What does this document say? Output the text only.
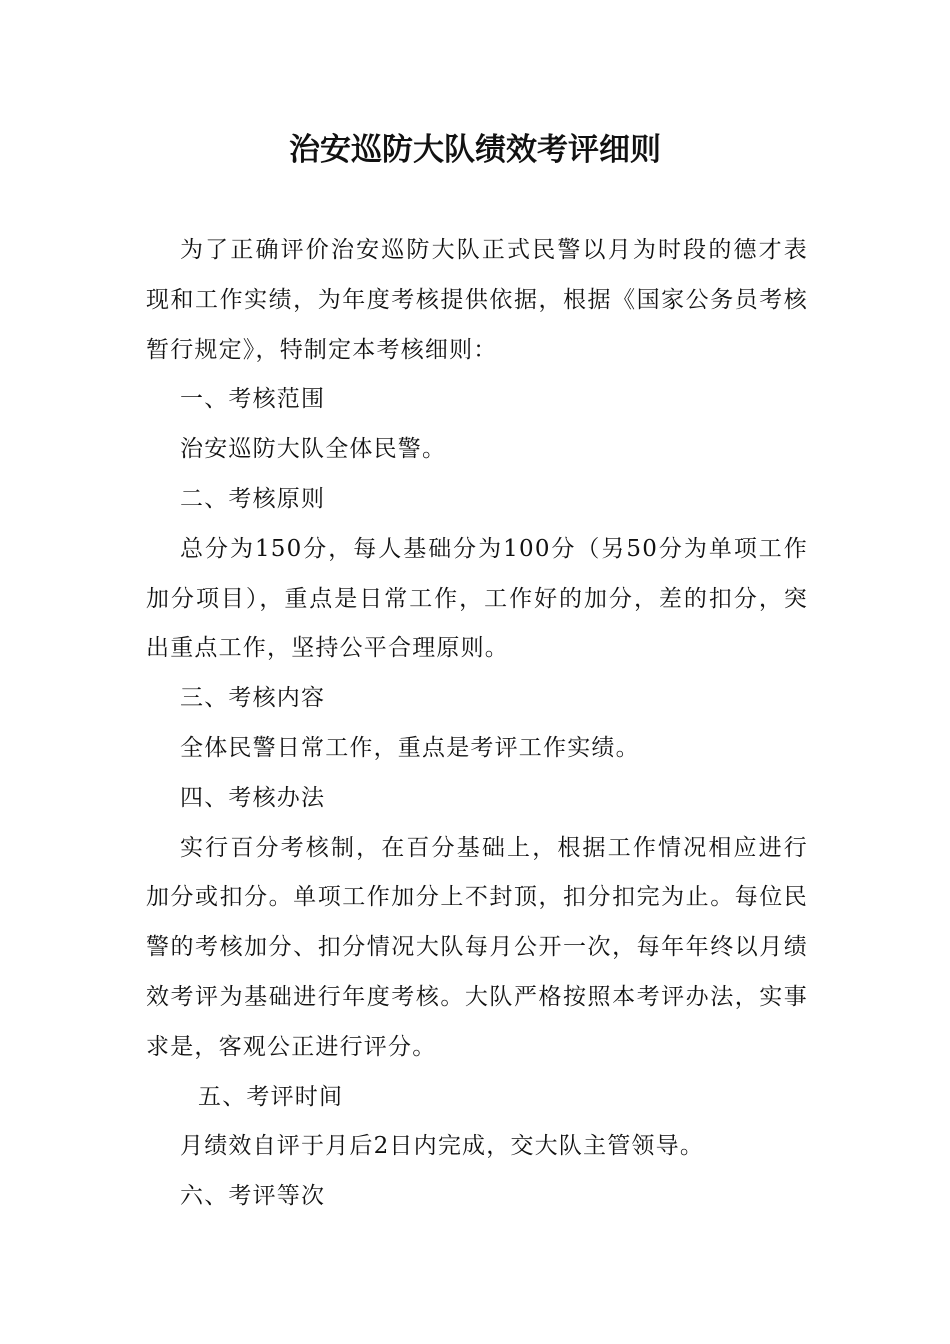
治安巡防大队绩效考评细则

为了正确评价治安巡防大队正式民警以月为时段的德才表现和工作实绩，为年度考核提供依据，根据《国家公务员考核暂行规定》，特制定本考核细则：

一、考核范围

治安巡防大队全体民警。

二、考核原则

总分为150分，每人基础分为100分（另50分为单项工作加分项目），重点是日常工作，工作好的加分，差的扣分，突出重点工作，坚持公平合理原则。

三、考核内容

全体民警日常工作，重点是考评工作实绩。

四、考核办法

实行百分考核制，在百分基础上，根据工作情况相应进行加分或扣分。单项工作加分上不封顶，扣分扣完为止。每位民警的考核加分、扣分情况大队每月公开一次，每年年终以月绩效考评为基础进行年度考核。大队严格按照本考评办法，实事求是，客观公正进行评分。

五、考评时间

月绩效自评于月后2日内完成，交大队主管领导。

六、考评等次
